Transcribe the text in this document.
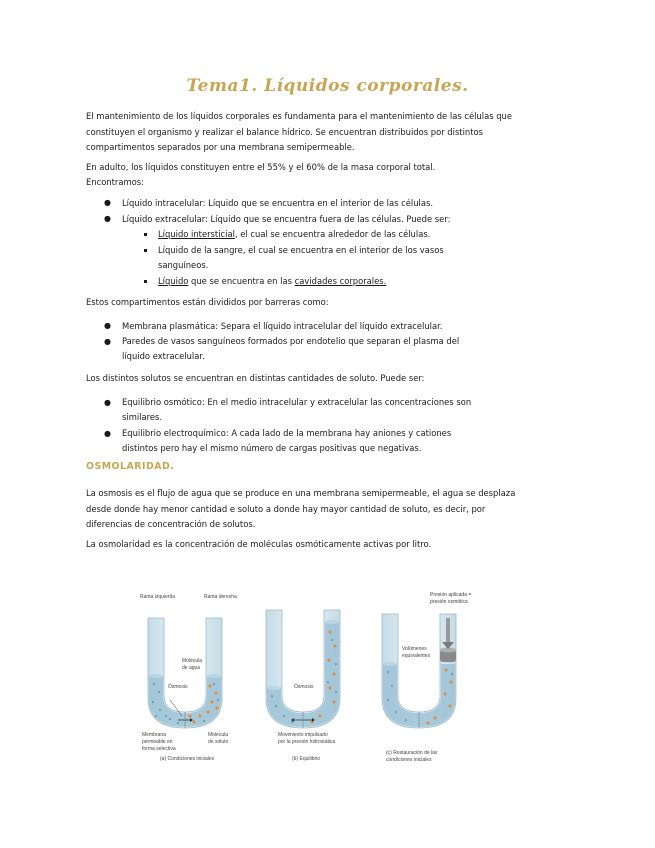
Tema1. Líquidos corporales.
El mantenimiento de los líquidos corporales es fundamenta para el mantenimiento de las células que constituyen el organismo y realizar el balance hídrico. Se encuentran distribuidos por distintos compartimentos separados por una membrana semipermeable.
En adulto, los líquidos constituyen entre el 55% y el 60% de la masa corporal total.
Encontramos:
● Líquido intracelular: Líquido que se encuentra en el interior de las células.
● Líquido extracelular: Líquido que se encuentra fuera de las células. Puede ser:
Líquido intersticial, el cual se encuentra alrededor de las células.
Líquido de la sangre, el cual se encuentra en el interior de los vasos
sanguíneos.
Líquido que se encuentra en las cavidades corporales.
Estos compartimentos están divididos por barreras como:
● Membrana plasmática: Separa el líquido intracelular del líquido extracelular.
● Paredes de vasos sanguíneos formados por endotelio que separan el plasma del
líquido extracelular.
Los distintos solutos se encuentran en distintas cantidades de soluto. Puede ser:
● Equilibrio osmótico: En el medio intracelular y extracelular las concentraciones son
similares.
● Equilibrio electroquímico: A cada lado de la membrana hay aniones y cationes
distintos pero hay el mismo número de cargas positivas que negativas.
OSMOLARIDAD.
La osmosis es el flujo de agua que se produce en una membrana semipermeable, el agua se desplaza desde donde hay menor cantidad e soluto a donde hay mayor cantidad de soluto, es decir, por diferencias de concentración de solutos.
La osmolaridad es la concentración de moléculas osmóticamente activas por litro.
Rama izquierda	Rama derecha	Presión aplicada =
presión osmótica
Molécula
de agua
Ósmosis
Membrana
permeable en
forma selectiva
Molécula
de soluto
(a) Condiciones iniciales
Ósmosis
Movimiento impulsado
por la presión hidrostática
(b) Equilibrio
Volúmenes
equivalentes
(c) Restauración de las
condiciones iniciales
